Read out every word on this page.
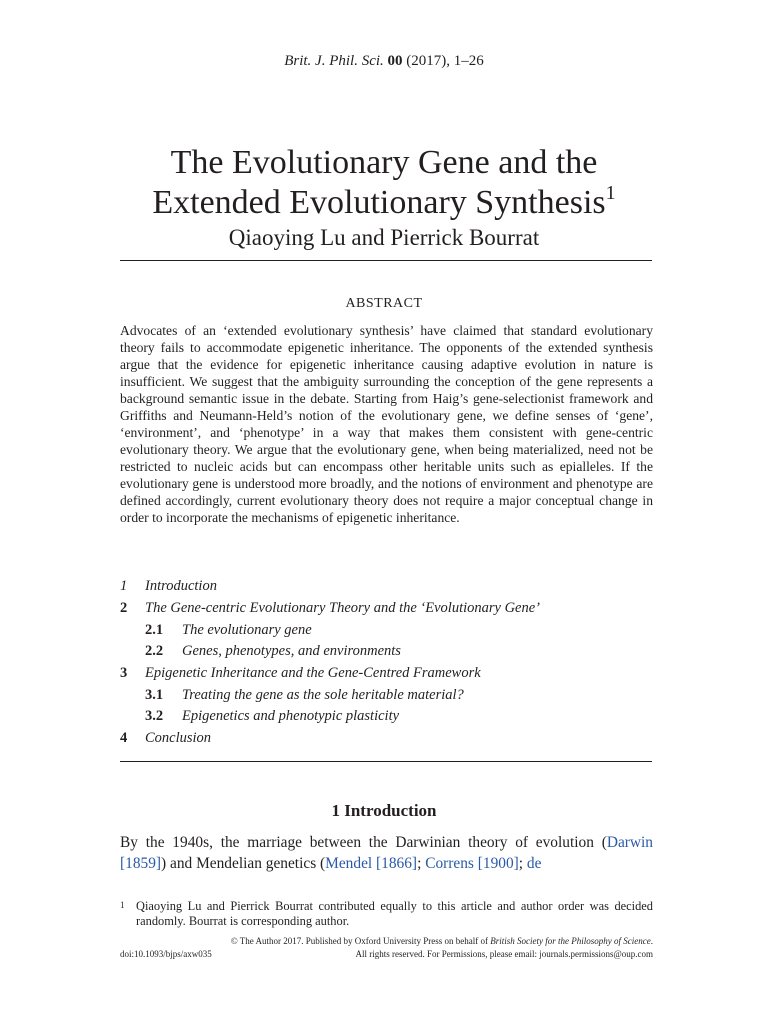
Brit. J. Phil. Sci. 00 (2017), 1–26
The Evolutionary Gene and the
Extended Evolutionary Synthesis$^1$
Qiaoying Lu and Pierrick Bourrat
ABSTRACT

Advocates of an ‘extended evolutionary synthesis’ have claimed that standard evolutionary theory fails to accommodate epigenetic inheritance. The opponents of the extended synthesis argue that the evidence for epigenetic inheritance causing adaptive evolution in nature is insufficient. We suggest that the ambiguity surrounding the conception of the gene represents a background semantic issue in the debate. Starting from Haig’s gene-selectionist framework and Griffiths and Neumann-Held’s notion of the evolutionary gene, we define senses of ‘gene’, ‘environment’, and ‘phenotype’ in a way that makes them consistent with gene-centric evolutionary theory. We argue that the evolutionary gene, when being materialized, need not be restricted to nucleic acids but can encompass other heritable units such as epialleles. If the evolutionary gene is understood more broadly, and the notions of environment and phenotype are defined accordingly, current evolutionary theory does not require a major conceptual change in order to incorporate the mechanisms of epigenetic inheritance.

1	Introduction
2	The Gene-centric Evolutionary Theory and the ‘Evolutionary Gene’
2.1	The evolutionary gene
2.2	Genes, phenotypes, and environments
3	Epigenetic Inheritance and the Gene-Centred Framework
3.1	Treating the gene as the sole heritable material?
3.2	Epigenetics and phenotypic plasticity
4	Conclusion
1 Introduction

By the 1940s, the marriage between the Darwinian theory of evolution (Darwin [1859]) and Mendelian genetics (Mendel [1866]; Correns [1900]; de

1 Qiaoying Lu and Pierrick Bourrat contributed equally to this article and author order was decided randomly. Bourrat is corresponding author.
© The Author 2017. Published by Oxford University Press on behalf of British Society for the Philosophy of Science.
doi:10.1093/bjps/axw035	All rights reserved. For Permissions, please email: journals.permissions@oup.com
